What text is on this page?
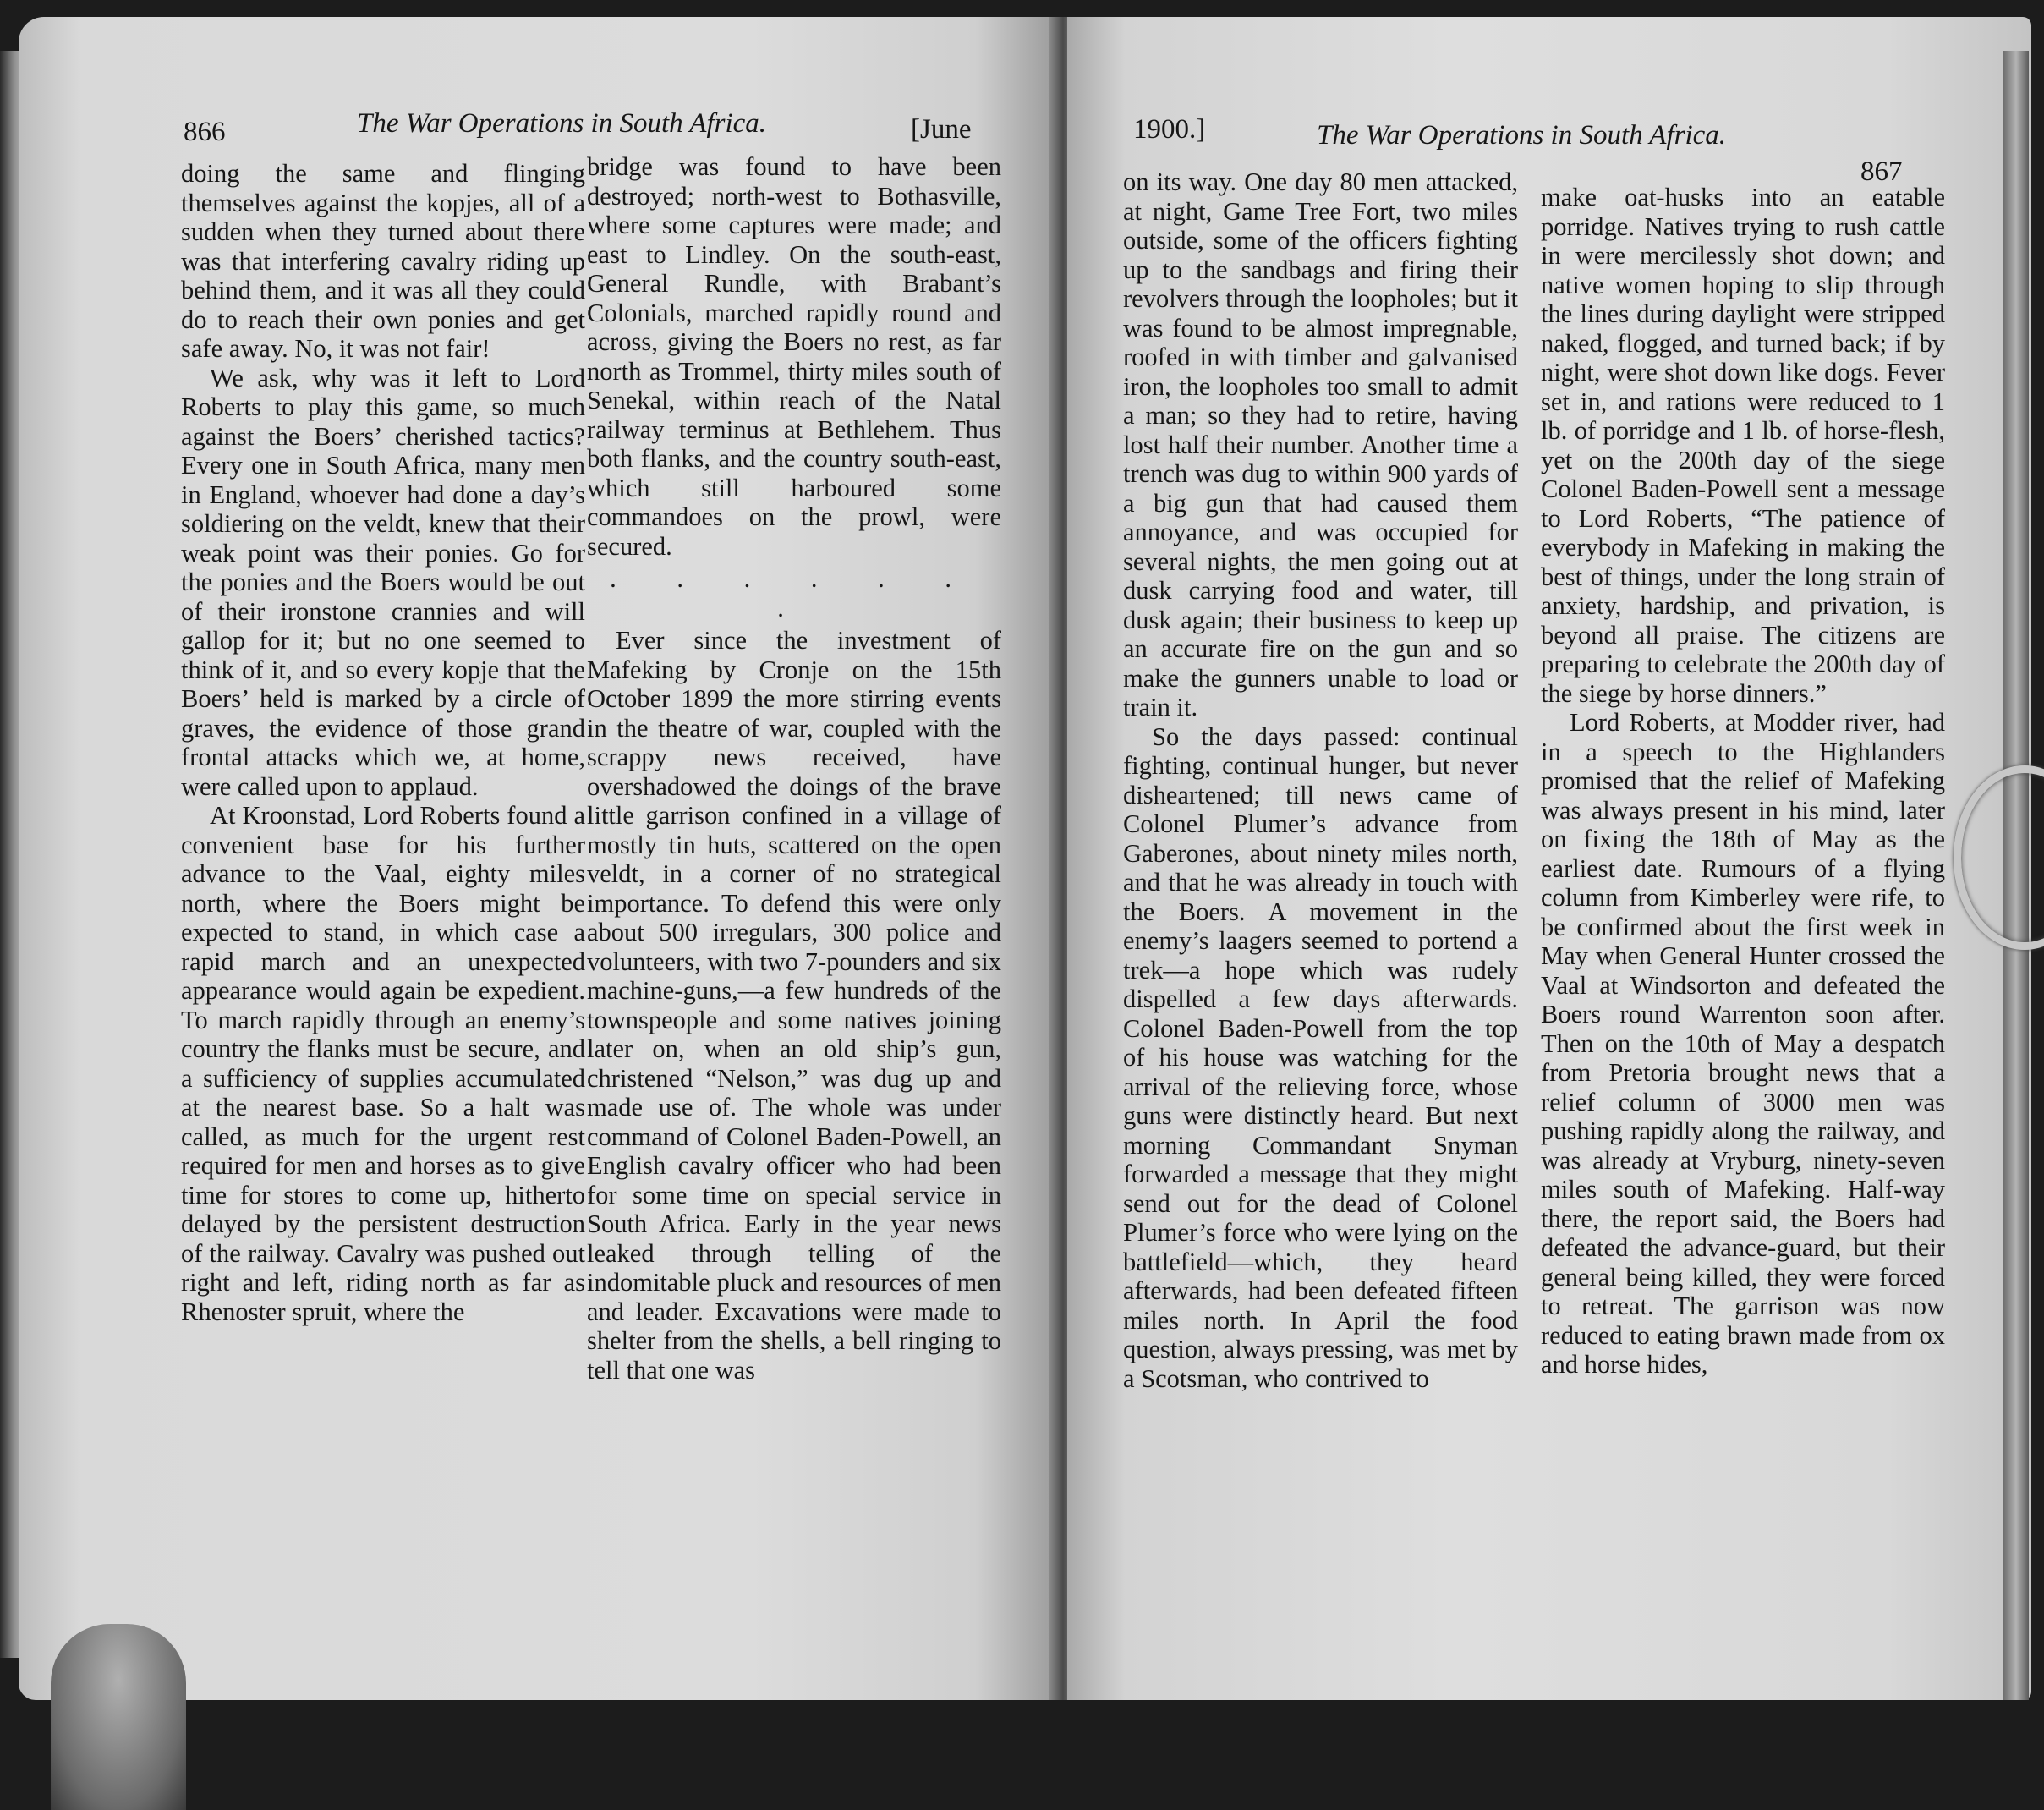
866	The War Operations in South Africa.	[June

doing the same and flinging themselves against the kopjes, all of a sudden when they turned about there was that interfering cavalry riding up behind them, and it was all they could do to reach their own ponies and get safe away. No, it was not fair!

We ask, why was it left to Lord Roberts to play this game, so much against the Boers’ cherished tactics? Every one in South Africa, many men in England, whoever had done a day’s soldiering on the veldt, knew that their weak point was their ponies. Go for the ponies and the Boers would be out of their ironstone crannies and will gallop for it; but no one seemed to think of it, and so every kopje that the Boers’ held is marked by a circle of graves, the evidence of those grand frontal attacks which we, at home, were called upon to applaud.

At Kroonstad, Lord Roberts found a convenient base for his further advance to the Vaal, eighty miles north, where the Boers might be expected to stand, in which case a rapid march and an unexpected appearance would again be expedient. To march rapidly through an enemy’s country the flanks must be secure, and a sufficiency of supplies accumulated at the nearest base. So a halt was called, as much for the urgent rest required for men and horses as to give time for stores to come up, hitherto delayed by the persistent destruction of the railway. Cavalry was pushed out right and left, riding north as far as Rhenoster spruit, where the

bridge was found to have been destroyed; north-west to Bothasville, where some captures were made; and east to Lindley. On the south-east, General Rundle, with Brabant’s Colonials, marched rapidly round and across, giving the Boers no rest, as far north as Trommel, thirty miles south of Senekal, within reach of the Natal railway terminus at Bethlehem. Thus both flanks, and the country south-east, which still harboured some commandoes on the prowl, were secured.

. . . . . . .

Ever since the investment of Mafeking by Cronje on the 15th October 1899 the more stirring events in the theatre of war, coupled with the scrappy news received, have overshadowed the doings of the brave little garrison confined in a village of mostly tin huts, scattered on the open veldt, in a corner of no strategical importance. To defend this were only about 500 irregulars, 300 police and volunteers, with two 7-pounders and six machine-guns,—a few hundreds of the townspeople and some natives joining later on, when an old ship’s gun, christened “Nelson,” was dug up and made use of. The whole was under command of Colonel Baden-Powell, an English cavalry officer who had been for some time on special service in South Africa. Early in the year news leaked through telling of the indomitable pluck and resources of men and leader. Excavations were made to shelter from the shells, a bell ringing to tell that one was

1900.]	The War Operations in South Africa.
867

on its way. One day 80 men attacked, at night, Game Tree Fort, two miles outside, some of the officers fighting up to the sandbags and firing their revolvers through the loopholes; but it was found to be almost impregnable, roofed in with timber and galvanised iron, the loopholes too small to admit a man; so they had to retire, having lost half their number. Another time a trench was dug to within 900 yards of a big gun that had caused them annoyance, and was occupied for several nights, the men going out at dusk carrying food and water, till dusk again; their business to keep up an accurate fire on the gun and so make the gunners unable to load or train it.

So the days passed: continual fighting, continual hunger, but never disheartened; till news came of Colonel Plumer’s advance from Gaberones, about ninety miles north, and that he was already in touch with the Boers. A movement in the enemy’s laagers seemed to portend a trek—a hope which was rudely dispelled a few days afterwards. Colonel Baden-Powell from the top of his house was watching for the arrival of the relieving force, whose guns were distinctly heard. But next morning Commandant Snyman forwarded a message that they might send out for the dead of Colonel Plumer’s force who were lying on the battlefield—which, they heard afterwards, had been defeated fifteen miles north. In April the food question, always pressing, was met by a Scotsman, who contrived to

make oat-husks into an eatable porridge. Natives trying to rush cattle in were mercilessly shot down; and native women hoping to slip through the lines during daylight were stripped naked, flogged, and turned back; if by night, were shot down like dogs. Fever set in, and rations were reduced to 1 lb. of porridge and 1 lb. of horse-flesh, yet on the 200th day of the siege Colonel Baden-Powell sent a message to Lord Roberts, “The patience of everybody in Mafeking in making the best of things, under the long strain of anxiety, hardship, and privation, is beyond all praise. The citizens are preparing to celebrate the 200th day of the siege by horse dinners.”

Lord Roberts, at Modder river, had in a speech to the Highlanders promised that the relief of Mafeking was always present in his mind, later on fixing the 18th of May as the earliest date. Rumours of a flying column from Kimberley were rife, to be confirmed about the first week in May when General Hunter crossed the Vaal at Windsorton and defeated the Boers round Warrenton soon after. Then on the 10th of May a despatch from Pretoria brought news that a relief column of 3000 men was pushing rapidly along the railway, and was already at Vryburg, ninety-seven miles south of Mafeking. Half-way there, the report said, the Boers had defeated the advance-guard, but their general being killed, they were forced to retreat. The garrison was now reduced to eating brawn made from ox and horse hides,
